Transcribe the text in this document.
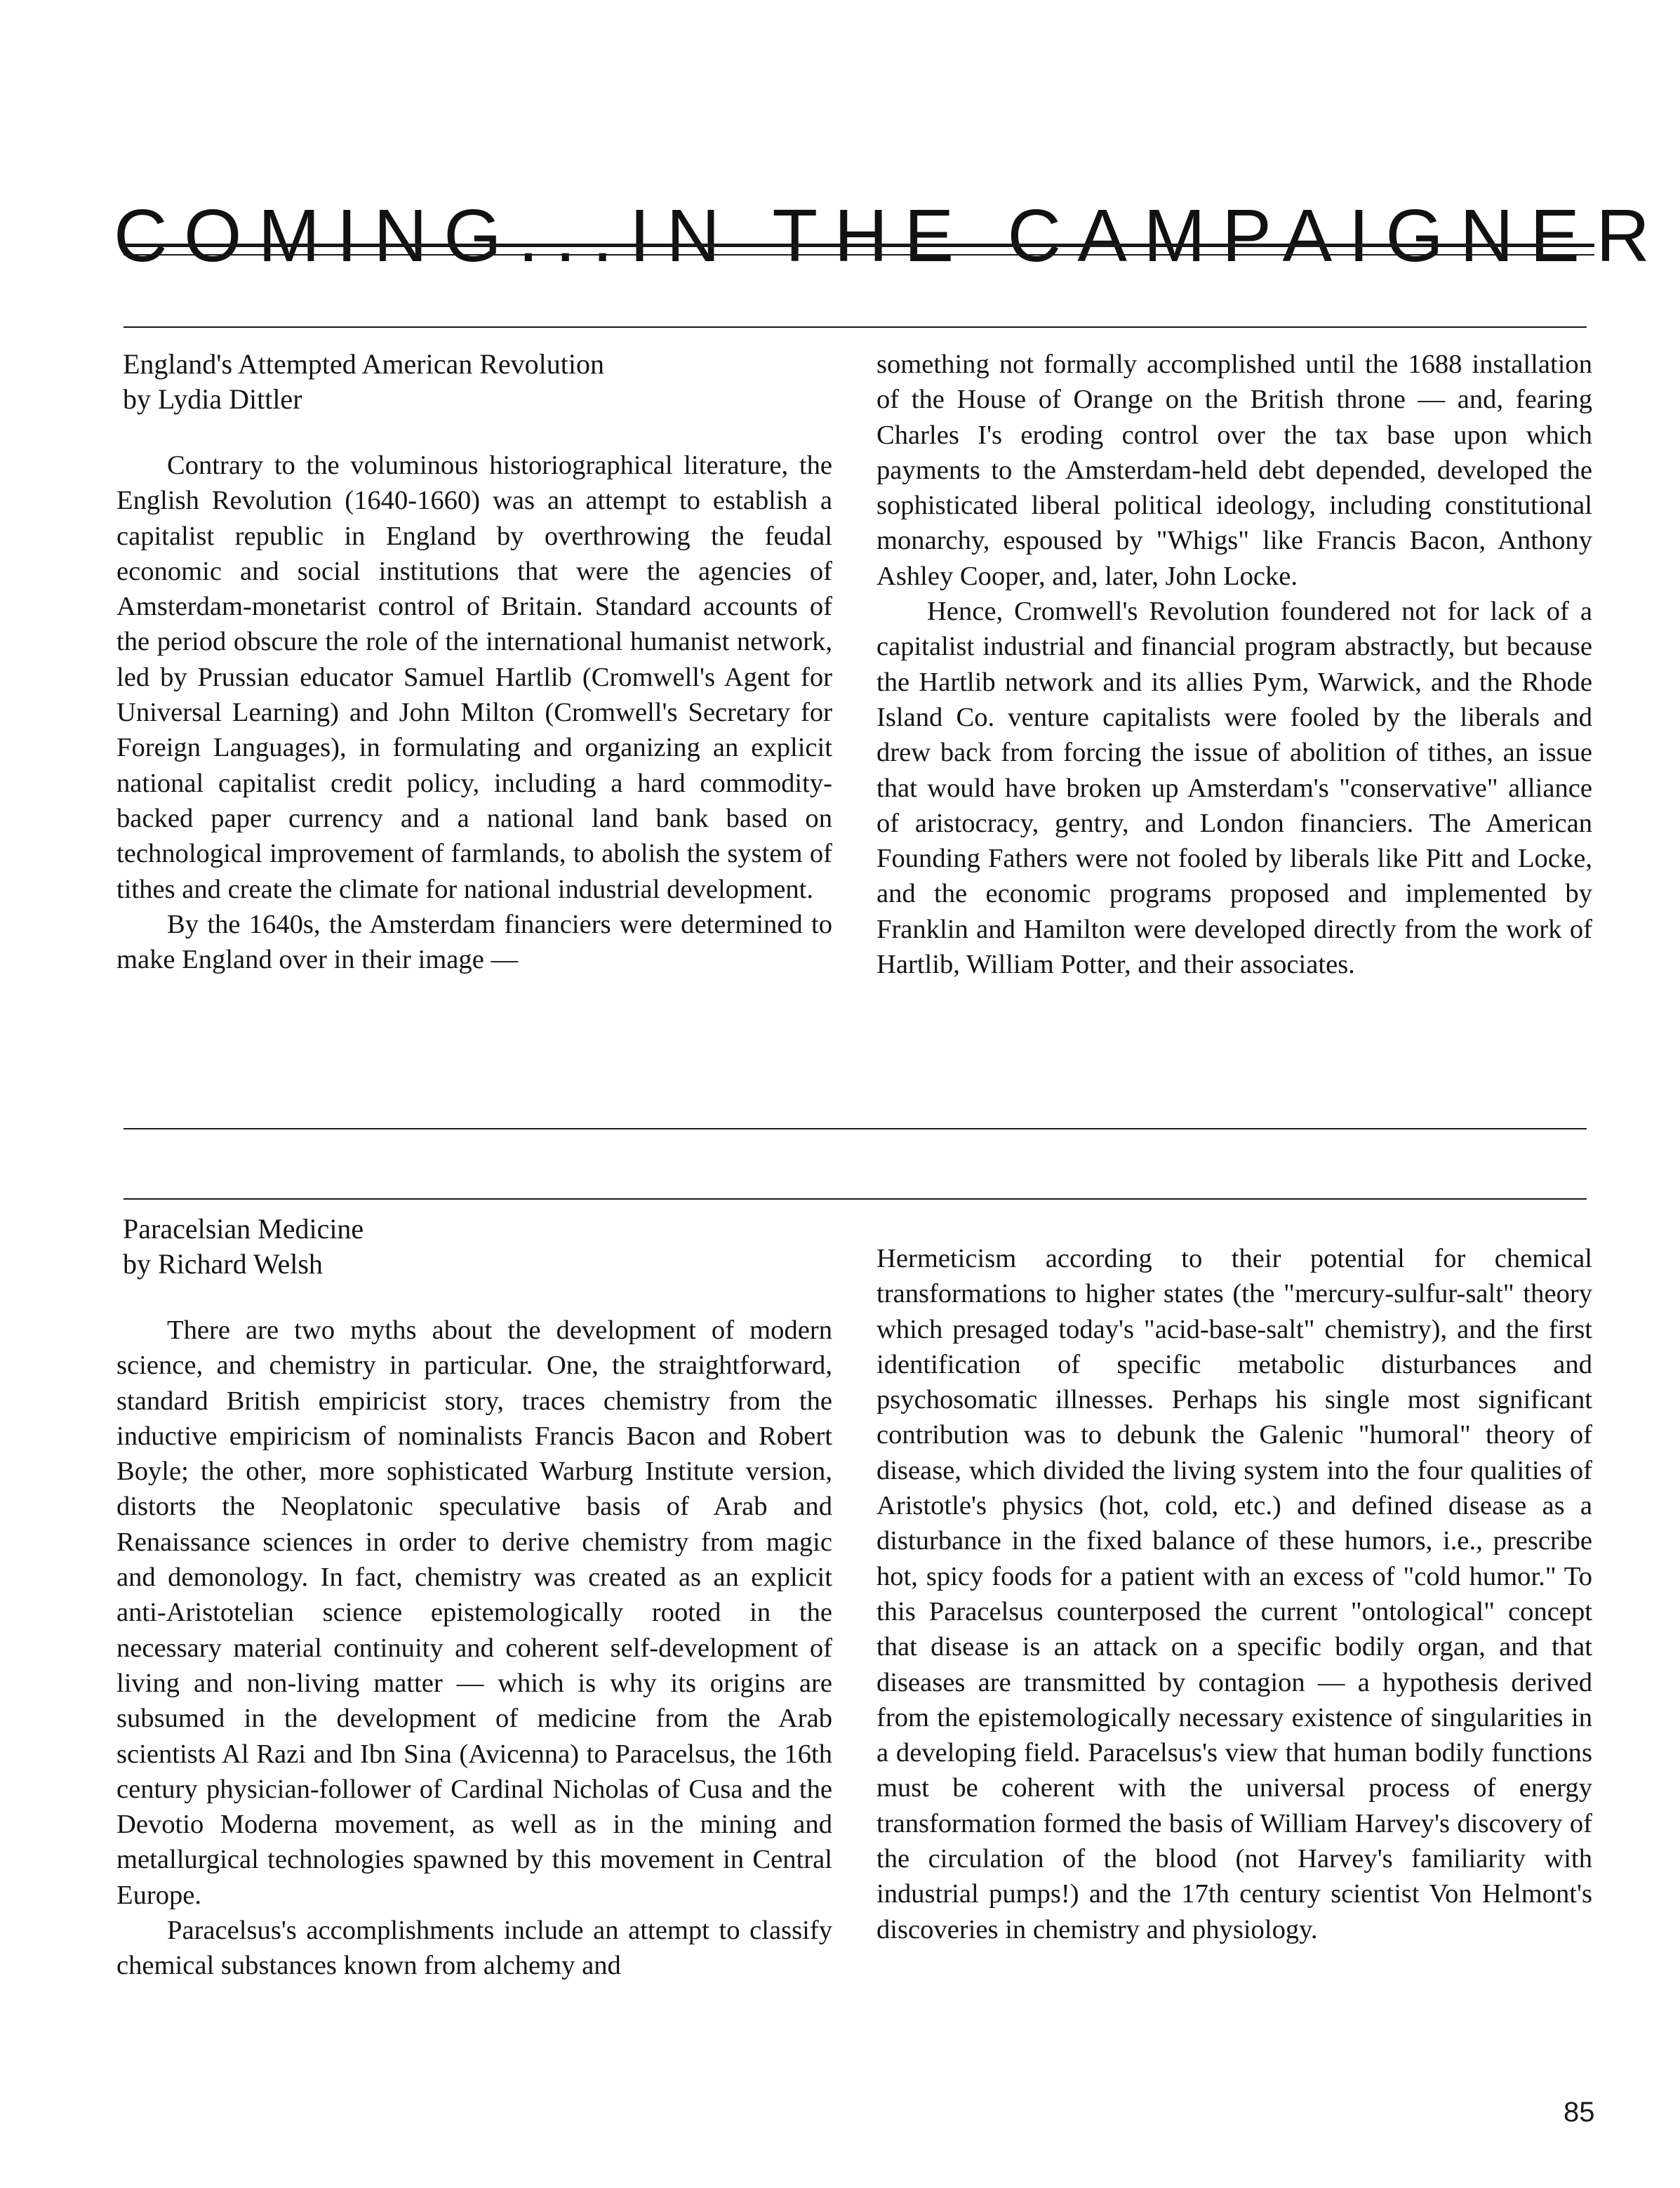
COMING...IN THE CAMPAIGNER
England's Attempted American Revolution
by Lydia Dittler

Contrary to the voluminous historiographical literature, the English Revolution (1640-1660) was an attempt to establish a capitalist republic in England by overthrowing the feudal economic and social institutions that were the agencies of Amsterdam-monetarist control of Britain. Standard accounts of the period obscure the role of the international humanist network, led by Prussian educator Samuel Hartlib (Cromwell's Agent for Universal Learning) and John Milton (Cromwell's Secretary for Foreign Languages), in formulating and organizing an explicit national capitalist credit policy, including a hard commodity-backed paper currency and a national land bank based on technological improvement of farmlands, to abolish the system of tithes and create the climate for national industrial development.

By the 1640s, the Amsterdam financiers were determined to make England over in their image —

something not formally accomplished until the 1688 installation of the House of Orange on the British throne — and, fearing Charles I's eroding control over the tax base upon which payments to the Amsterdam-held debt depended, developed the sophisticated liberal political ideology, including constitutional monarchy, espoused by "Whigs" like Francis Bacon, Anthony Ashley Cooper, and, later, John Locke.

Hence, Cromwell's Revolution foundered not for lack of a capitalist industrial and financial program abstractly, but because the Hartlib network and its allies Pym, Warwick, and the Rhode Island Co. venture capitalists were fooled by the liberals and drew back from forcing the issue of abolition of tithes, an issue that would have broken up Amsterdam's "conservative" alliance of aristocracy, gentry, and London financiers. The American Founding Fathers were not fooled by liberals like Pitt and Locke, and the economic programs proposed and implemented by Franklin and Hamilton were developed directly from the work of Hartlib, William Potter, and their associates.

Paracelsian Medicine
by Richard Welsh

There are two myths about the development of modern science, and chemistry in particular. One, the straightforward, standard British empiricist story, traces chemistry from the inductive empiricism of nominalists Francis Bacon and Robert Boyle; the other, more sophisticated Warburg Institute version, distorts the Neoplatonic speculative basis of Arab and Renaissance sciences in order to derive chemistry from magic and demonology. In fact, chemistry was created as an explicit anti-Aristotelian science epistemologically rooted in the necessary material continuity and coherent self-development of living and non-living matter — which is why its origins are subsumed in the development of medicine from the Arab scientists Al Razi and Ibn Sina (Avicenna) to Paracelsus, the 16th century physician-follower of Cardinal Nicholas of Cusa and the Devotio Moderna movement, as well as in the mining and metallurgical technologies spawned by this movement in Central Europe.

Paracelsus's accomplishments include an attempt to classify chemical substances known from alchemy and

Hermeticism according to their potential for chemical transformations to higher states (the "mercury-sulfur-salt" theory which presaged today's "acid-base-salt" chemistry), and the first identification of specific metabolic disturbances and psychosomatic illnesses. Perhaps his single most significant contribution was to debunk the Galenic "humoral" theory of disease, which divided the living system into the four qualities of Aristotle's physics (hot, cold, etc.) and defined disease as a disturbance in the fixed balance of these humors, i.e., prescribe hot, spicy foods for a patient with an excess of "cold humor." To this Paracelsus counterposed the current "ontological" concept that disease is an attack on a specific bodily organ, and that diseases are transmitted by contagion — a hypothesis derived from the epistemologically necessary existence of singularities in a developing field. Paracelsus's view that human bodily functions must be coherent with the universal process of energy transformation formed the basis of William Harvey's discovery of the circulation of the blood (not Harvey's familiarity with industrial pumps!) and the 17th century scientist Von Helmont's discoveries in chemistry and physiology.

85
